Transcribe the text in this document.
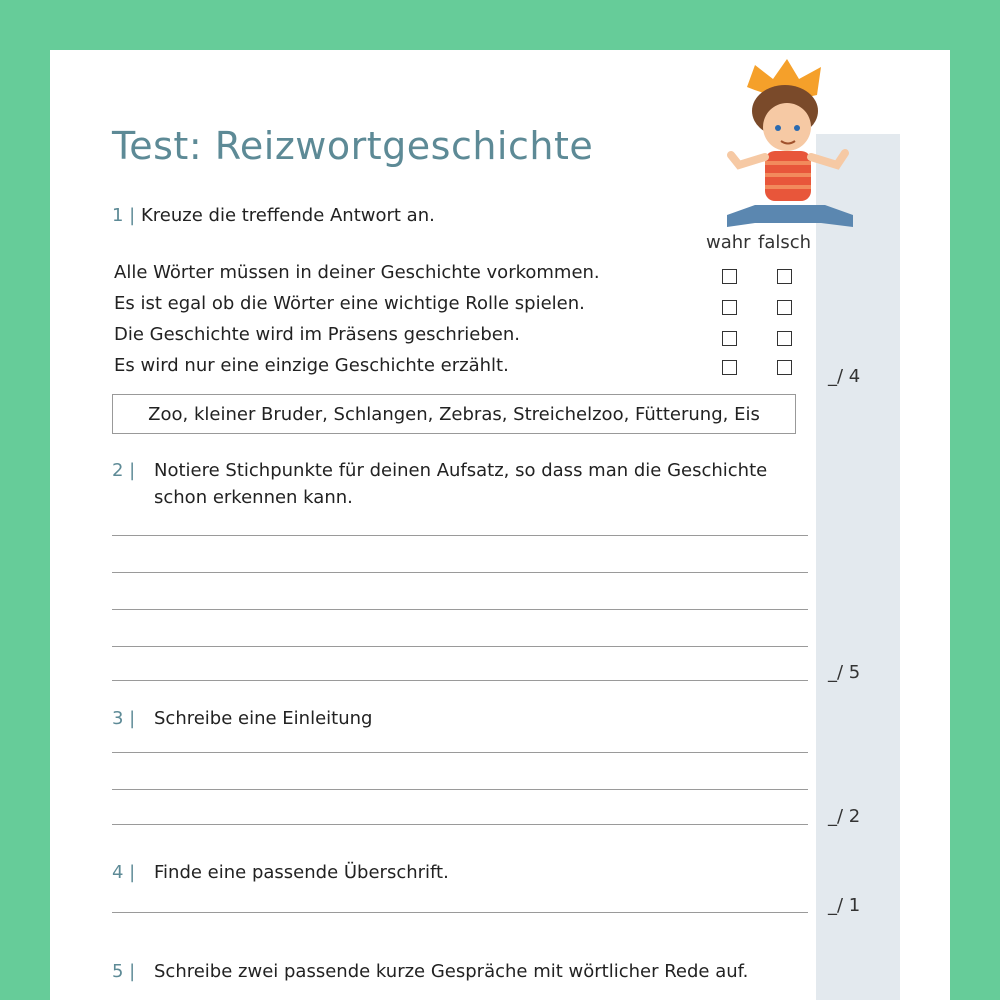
Test: Reizwortgeschichte
1 | Kreuze die treffende Antwort an.
wahr falsch
Alle Wörter müssen in deiner Geschichte vorkommen.
Es ist egal ob die Wörter eine wichtige Rolle spielen.
Die Geschichte wird im Präsens geschrieben.
Es wird nur eine einzige Geschichte erzählt.
_/ 4
Zoo, kleiner Bruder, Schlangen, Zebras, Streichelzoo, Fütterung, Eis
2 | Notiere Stichpunkte für deinen Aufsatz, so dass man die Geschichte
schon erkennen kann.
_/ 5
3 | Schreibe eine Einleitung
_/ 2
4 | Finde eine passende Überschrift.
_/ 1
5 | Schreibe zwei passende kurze Gespräche mit wörtlicher Rede auf.
